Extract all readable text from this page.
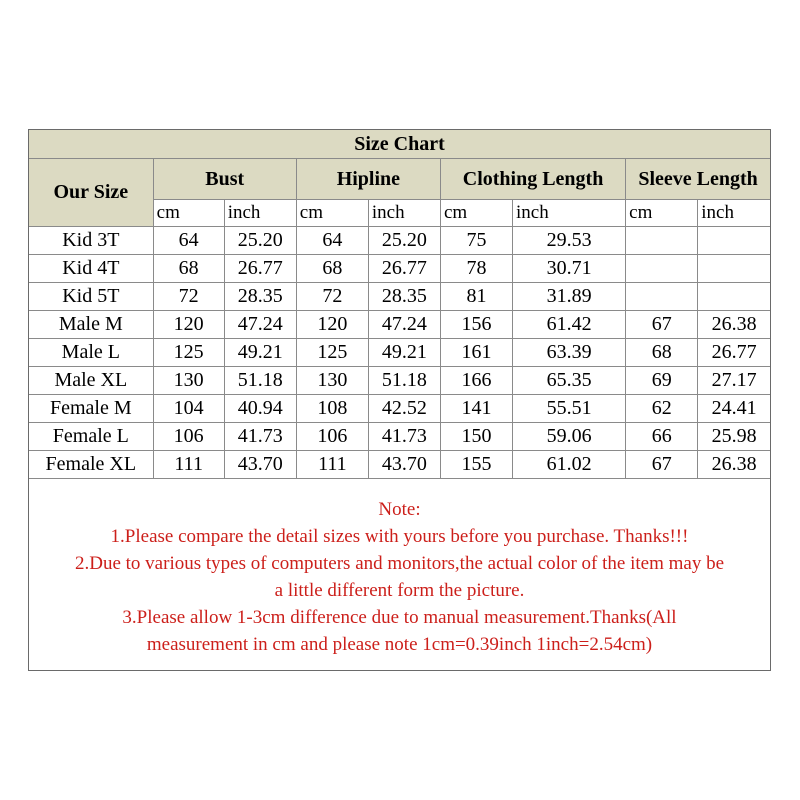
Size Chart								
Our Size	Bust		Hipline		Clothing Length		Sleeve Length	
	cm	inch	cm	inch	cm	inch	cm	inch
Kid 3T	64	25.20	64	25.20	75	29.53		
Kid 4T	68	26.77	68	26.77	78	30.71		
Kid 5T	72	28.35	72	28.35	81	31.89		
Male M	120	47.24	120	47.24	156	61.42	67	26.38
Male L	125	49.21	125	49.21	161	63.39	68	26.77
Male XL	130	51.18	130	51.18	166	65.35	69	27.17
Female M	104	40.94	108	42.52	141	55.51	62	24.41
Female L	106	41.73	106	41.73	150	59.06	66	25.98
Female XL	111	43.70	111	43.70	155	61.02	67	26.38
Note:
1.Please compare the detail sizes with yours before you purchase. Thanks!!!
2.Due to various types of computers and monitors,the actual color of the item may be
a little different form the picture.
3.Please allow 1-3cm difference due to manual measurement.Thanks(All
measurement in cm and please note 1cm=0.39inch 1inch=2.54cm)
